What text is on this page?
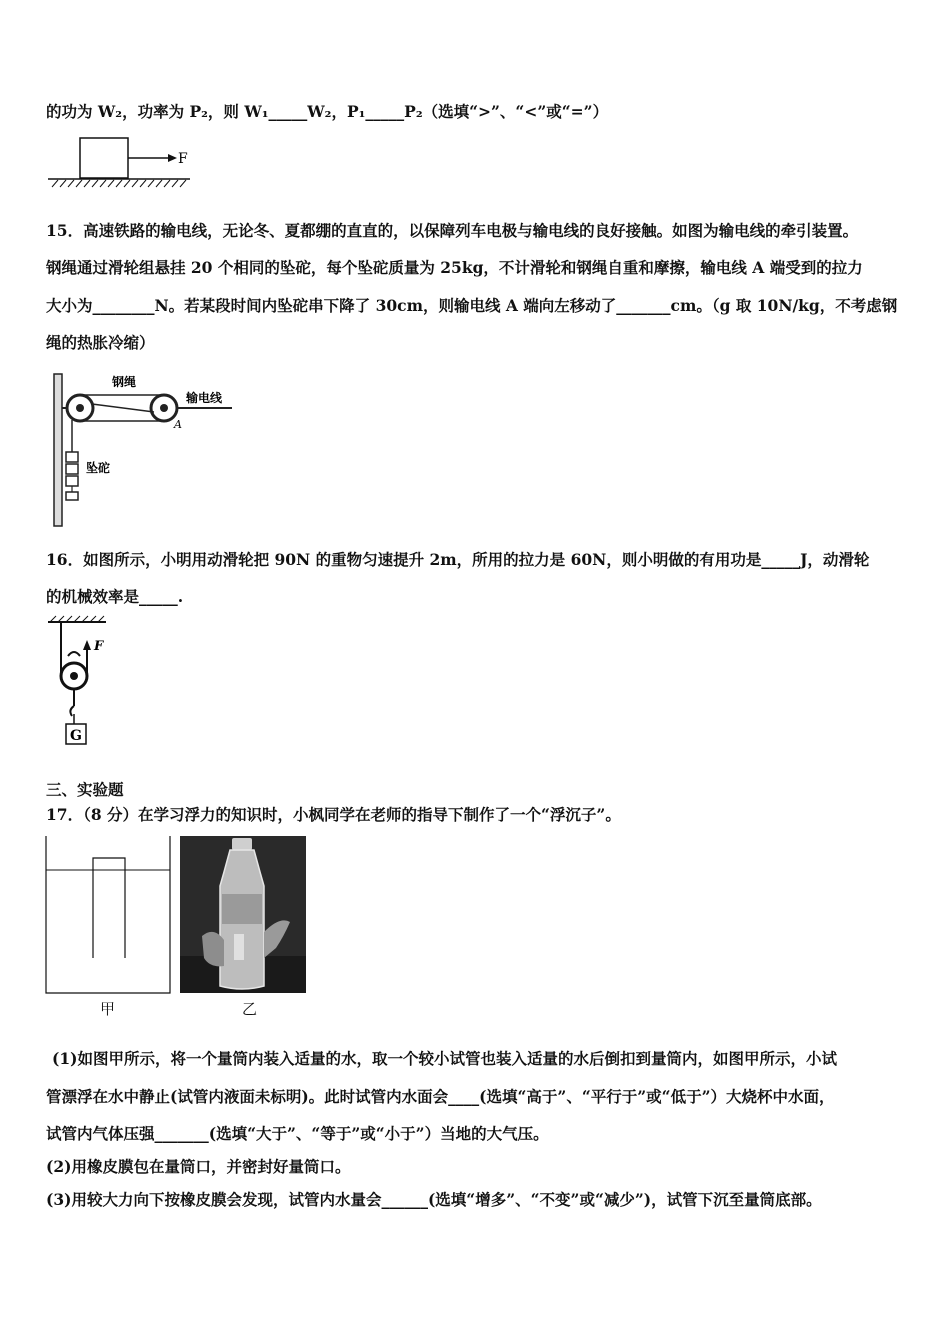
的功为 W₂，功率为 P₂，则 W₁_____W₂，P₁_____P₂（选填“>”、“<”或“=”）
F
15．高速铁路的输电线，无论冬、夏都绷的直直的，以保障列车电极与输电线的良好接触。如图为输电线的牵引装置。
钢绳通过滑轮组悬挂 20 个相同的坠砣，每个坠砣质量为 25kg，不计滑轮和钢绳自重和摩擦，输电线 A 端受到的拉力
大小为________N。若某段时间内坠砣串下降了 30cm，则输电线 A 端向左移动了_______cm。（g 取 10N/kg，不考虑钢
绳的热胀冷缩）
钢绳
输电线
A
坠砣
16．如图所示，小明用动滑轮把 90N 的重物匀速提升 2m，所用的拉力是 60N，则小明做的有用功是_____J，动滑轮
的机械效率是_____.
F
G
三、实验题
17．（8 分）在学习浮力的知识时，小枫同学在老师的指导下制作了一个“浮沉子”。
甲	乙
(1)如图甲所示，将一个量筒内装入适量的水，取一个较小试管也装入适量的水后倒扣到量筒内，如图甲所示，小试
管漂浮在水中静止(试管内液面未标明)。此时试管内水面会____(选填“高于”、“平行于”或“低于”）大烧杯中水面，
试管内气体压强_______(选填“大于”、“等于”或“小于”）当地的大气压。
(2)用橡皮膜包在量筒口，并密封好量筒口。
(3)用较大力向下按橡皮膜会发现，试管内水量会______(选填“增多”、“不变”或“减少”)，试管下沉至量筒底部。
